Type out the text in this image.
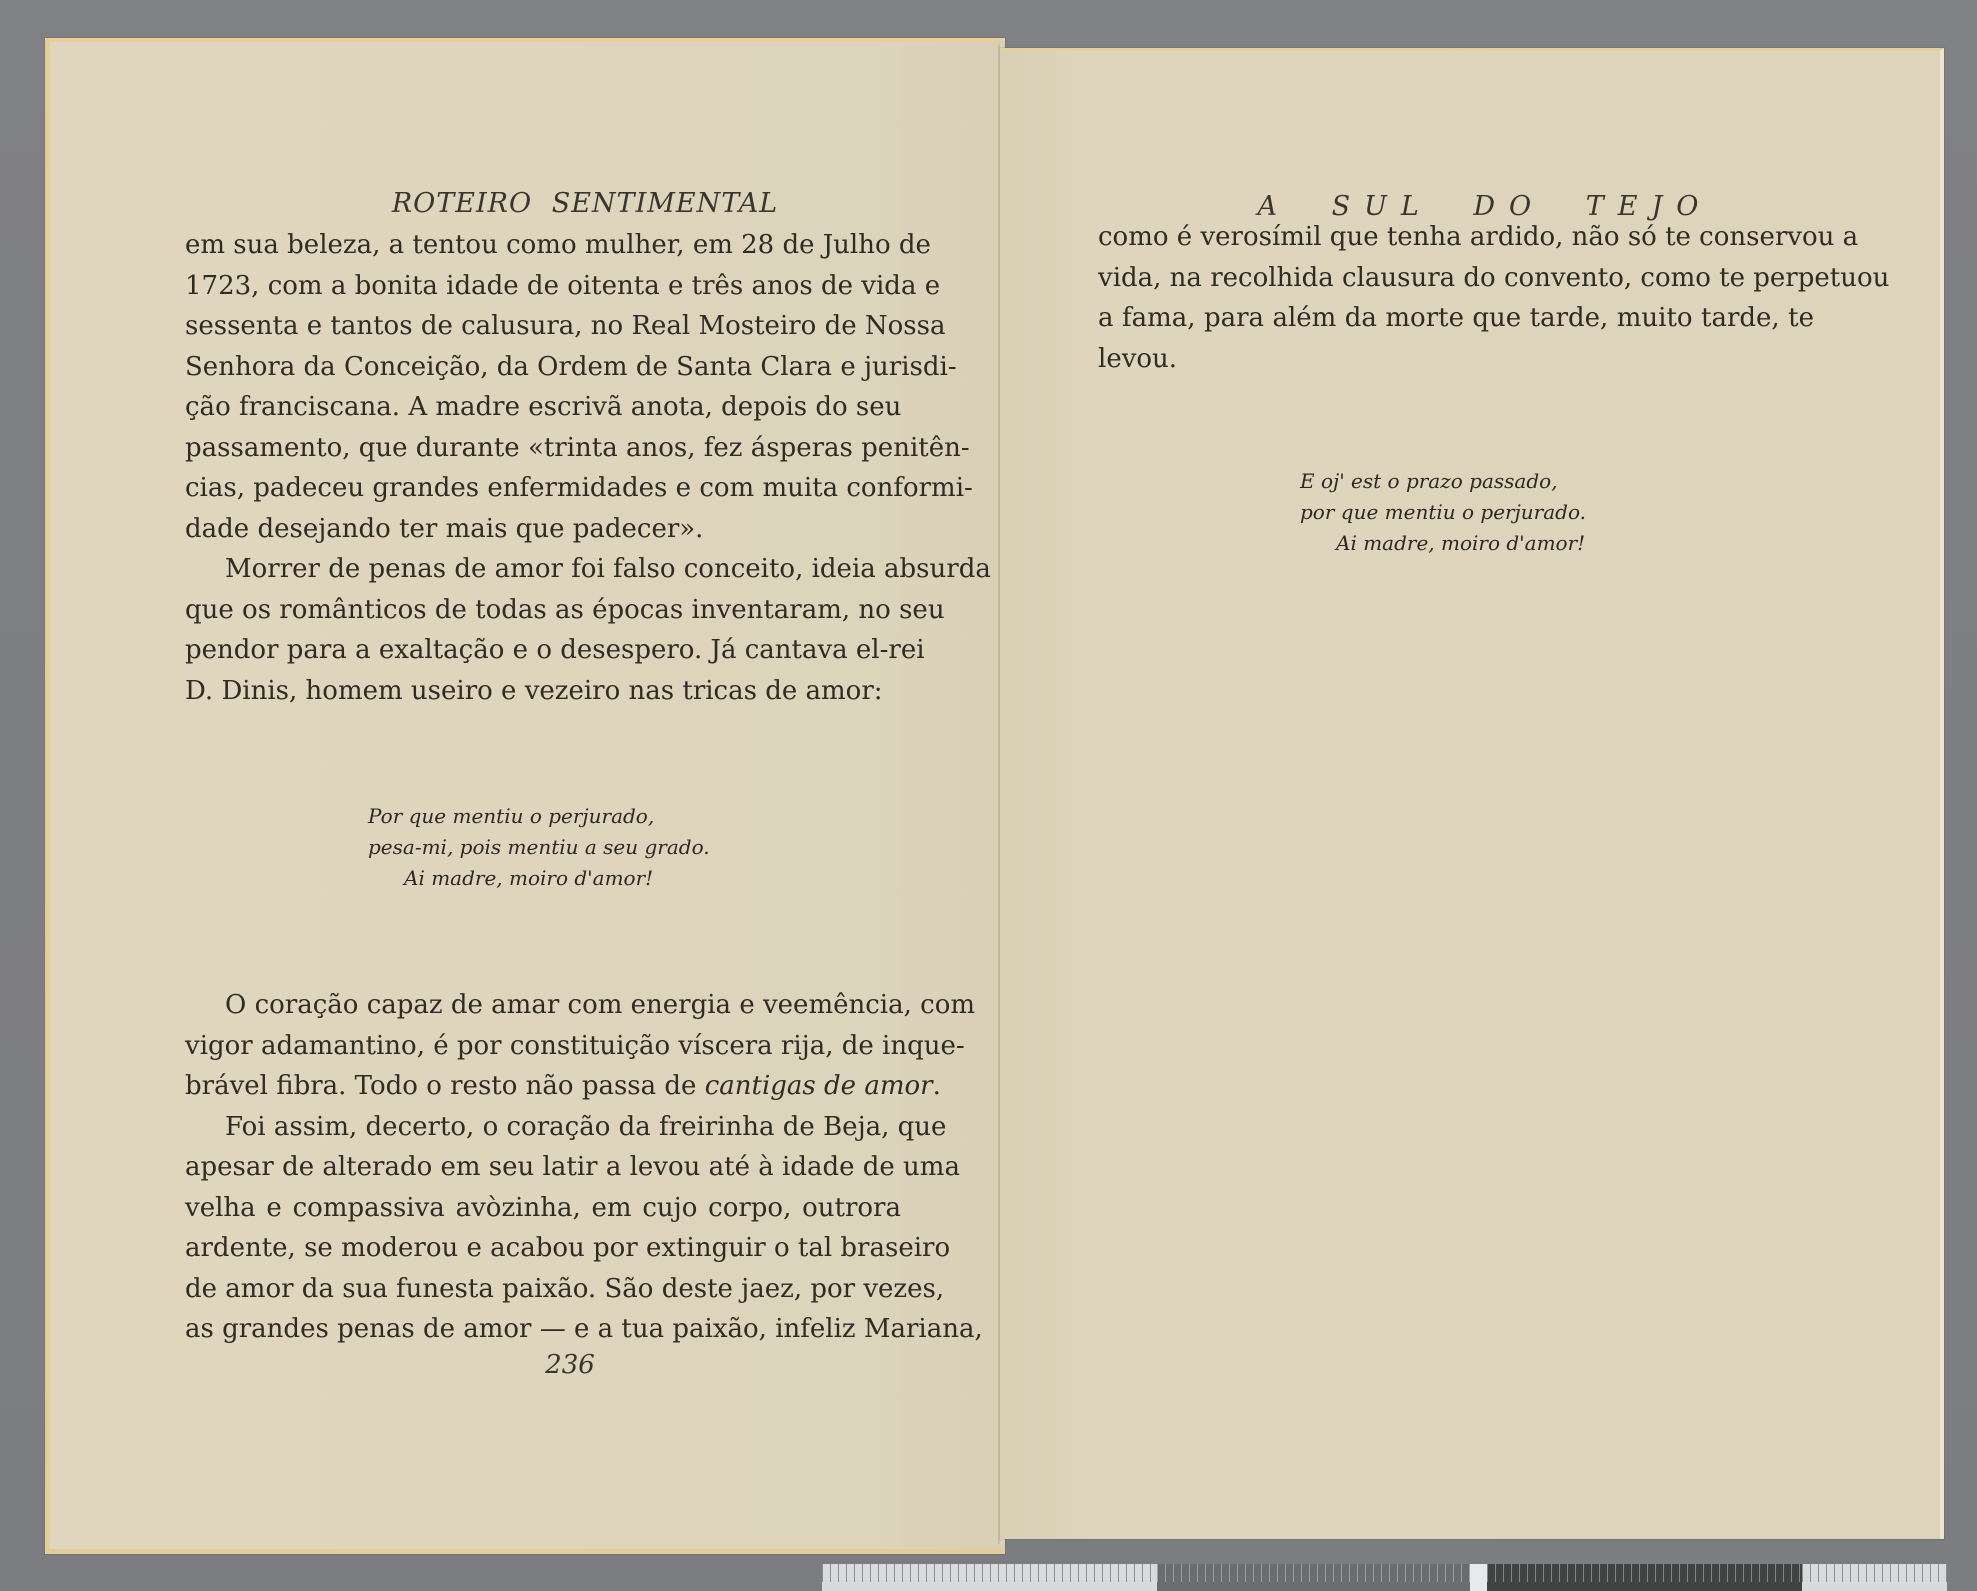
ROTEIRO SENTIMENTAL
em sua beleza, a tentou como mulher, em 28 de Julho de
1723, com a bonita idade de oitenta e três anos de vida e
sessenta e tantos de calusura, no Real Mosteiro de Nossa
Senhora da Conceição, da Ordem de Santa Clara e jurisdi-
ção franciscana. A madre escrivã anota, depois do seu
passamento, que durante «trinta anos, fez ásperas penitên-
cias, padeceu grandes enfermidades e com muita conformi-
dade desejando ter mais que padecer».
Morrer de penas de amor foi falso conceito, ideia absurda
que os românticos de todas as épocas inventaram, no seu
pendor para a exaltação e o desespero. Já cantava el-rei
D. Dinis, homem useiro e vezeiro nas tricas de amor:
Por que mentiu o perjurado,
pesa-mi, pois mentiu a seu grado.
Ai madre, moiro d'amor!
O coração capaz de amar com energia e veemência, com
vigor adamantino, é por constituição víscera rija, de inque-
brável fibra. Todo o resto não passa de cantigas de amor.
Foi assim, decerto, o coração da freirinha de Beja, que
apesar de alterado em seu latir a levou até à idade de uma
velha e compassiva avòzinha, em cujo corpo, outrora
ardente, se moderou e acabou por extinguir o tal braseiro
de amor da sua funesta paixão. São deste jaez, por vezes,
as grandes penas de amor — e a tua paixão, infeliz Mariana,
236
A SUL DO TEJO
como é verosímil que tenha ardido, não só te conservou a
vida, na recolhida clausura do convento, como te perpetuou
a fama, para além da morte que tarde, muito tarde, te
levou.
E oj' est o prazo passado,
por que mentiu o perjurado.
Ai madre, moiro d'amor!
